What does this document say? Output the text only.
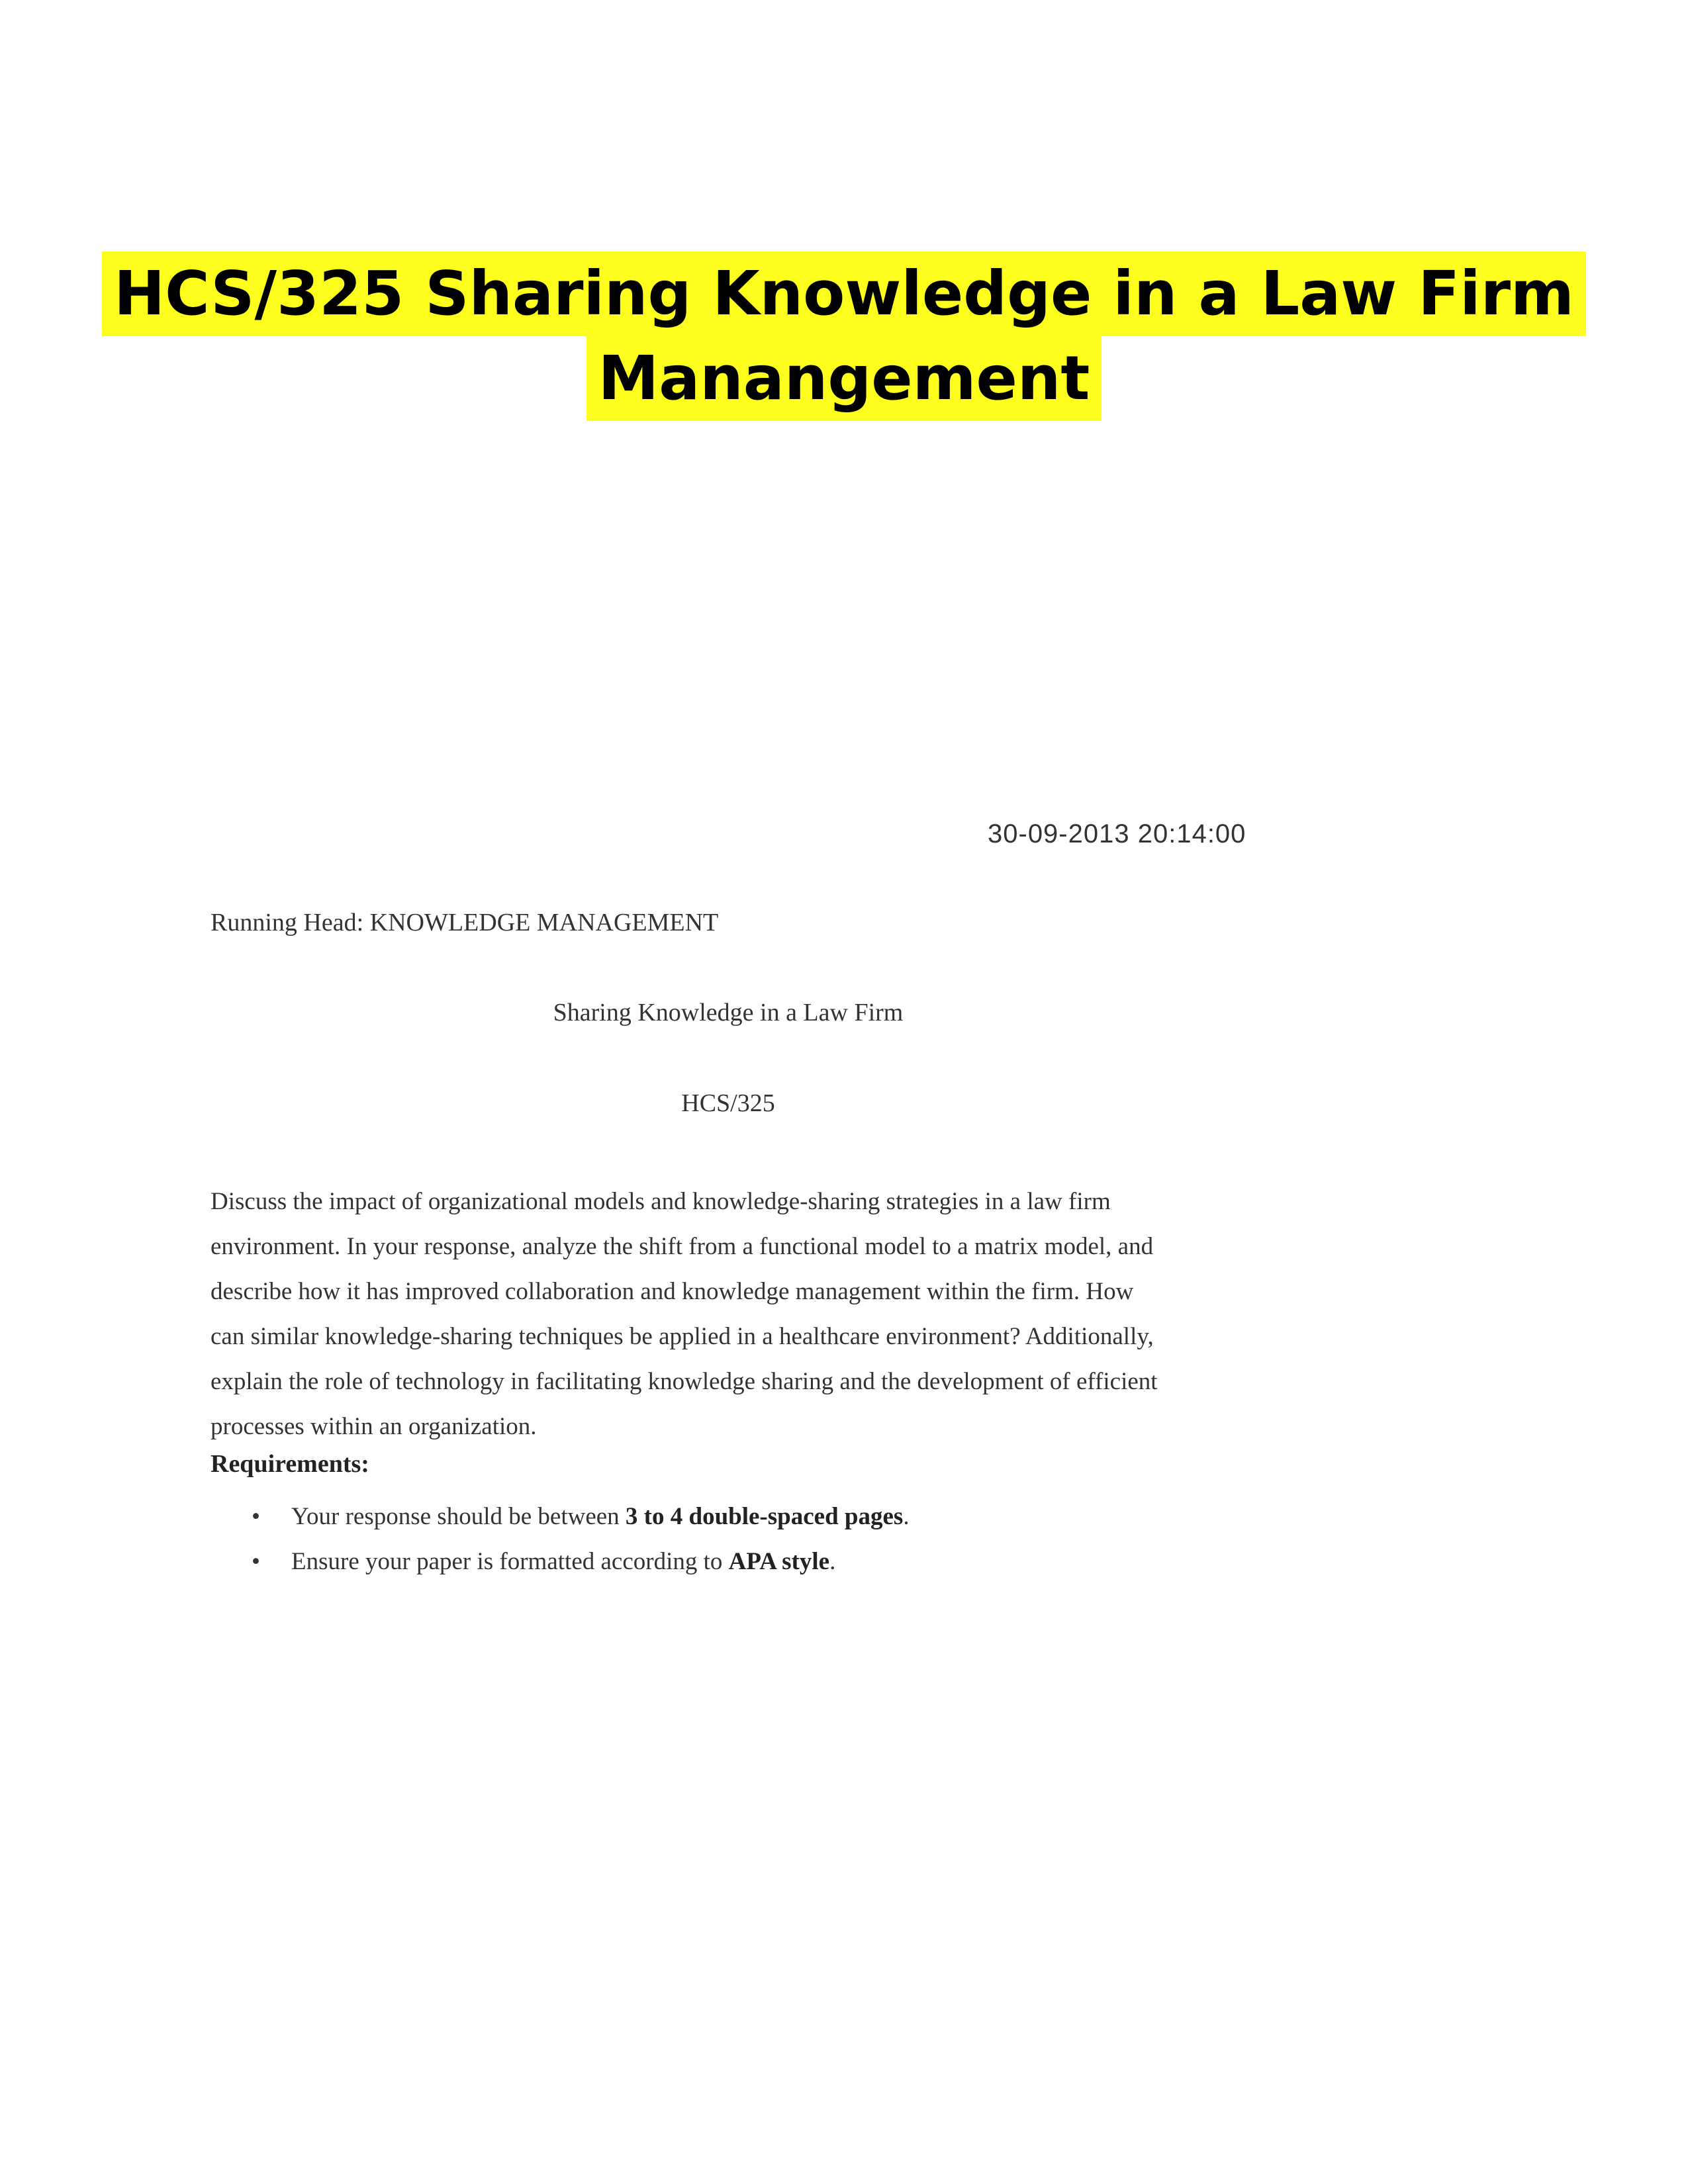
HCS/325 Sharing Knowledge in a Law Firm
Manangement
30-09-2013 20:14:00
Running Head: KNOWLEDGE MANAGEMENT
Sharing Knowledge in a Law Firm
HCS/325
Discuss the impact of organizational models and knowledge-sharing strategies in a law firm
environment. In your response, analyze the shift from a functional model to a matrix model, and
describe how it has improved collaboration and knowledge management within the firm. How
can similar knowledge-sharing techniques be applied in a healthcare environment? Additionally,
explain the role of technology in facilitating knowledge sharing and the development of efficient
processes within an organization.
Requirements:
• Your response should be between 3 to 4 double-spaced pages.
• Ensure your paper is formatted according to APA style.
